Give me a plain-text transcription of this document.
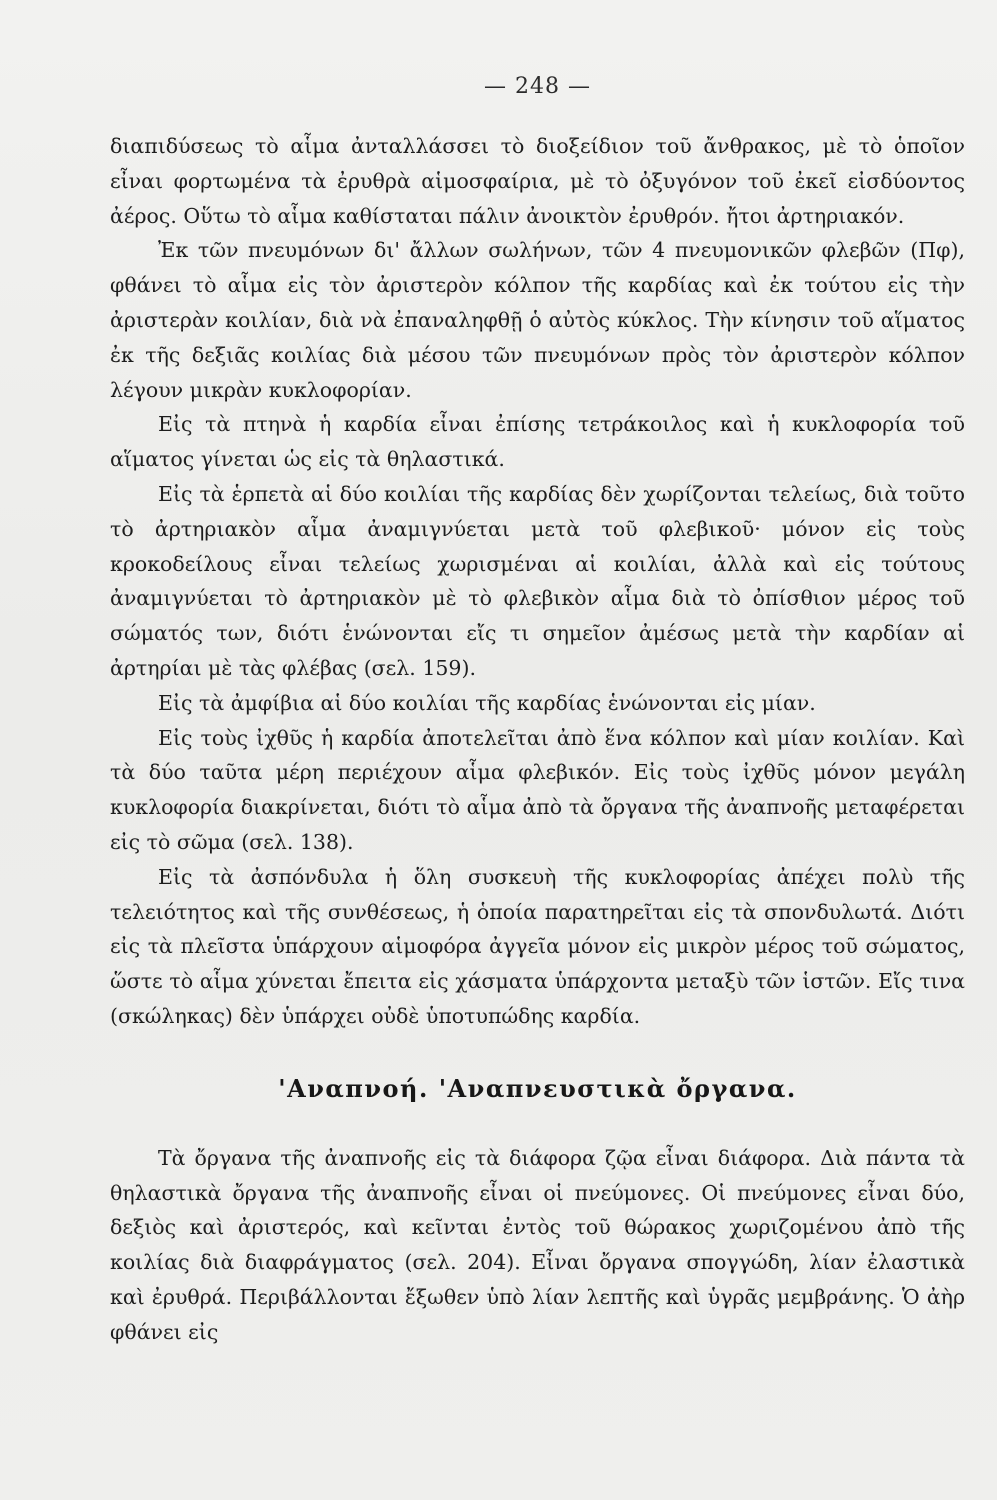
— 248 —

διαπιδύσεως τὸ αἷμα ἀνταλλάσσει τὸ διοξείδιον τοῦ ἄνθρακος, μὲ τὸ ὁποῖον εἶναι φορτωμένα τὰ ἐρυθρὰ αἱμοσφαίρια, μὲ τὸ ὀξυγόνον τοῦ ἐκεῖ εἰσδύοντος ἀέρος. Οὕτω τὸ αἷμα καθίσταται πάλιν ἀνοικτὸν ἐρυθρόν. ἤτοι ἀρτηριακόν.

Ἐκ τῶν πνευμόνων δι' ἄλλων σωλήνων, τῶν 4 πνευμονικῶν φλεβῶν (Πφ), φθάνει τὸ αἷμα εἰς τὸν ἀριστερὸν κόλπον τῆς καρδίας καὶ ἐκ τούτου εἰς τὴν ἀριστερὰν κοιλίαν, διὰ νὰ ἐπαναληφθῇ ὁ αὐτὸς κύκλος. Τὴν κίνησιν τοῦ αἵματος ἐκ τῆς δεξιᾶς κοιλίας διὰ μέσου τῶν πνευμόνων πρὸς τὸν ἀριστερὸν κόλπον λέγουν μικρὰν κυκλοφορίαν.

Εἰς τὰ πτηνὰ ἡ καρδία εἶναι ἐπίσης τετράκοιλος καὶ ἡ κυκλοφορία τοῦ αἵματος γίνεται ὡς εἰς τὰ θηλαστικά.

Εἰς τὰ ἑρπετὰ αἱ δύο κοιλίαι τῆς καρδίας δὲν χωρίζονται τελείως, διὰ τοῦτο τὸ ἀρτηριακὸν αἷμα ἀναμιγνύεται μετὰ τοῦ φλεβικοῦ· μόνον εἰς τοὺς κροκοδείλους εἶναι τελείως χωρισμέναι αἱ κοιλίαι, ἀλλὰ καὶ εἰς τούτους ἀναμιγνύεται τὸ ἀρτηριακὸν μὲ τὸ φλεβικὸν αἷμα διὰ τὸ ὀπίσθιον μέρος τοῦ σώματός των, διότι ἑνώνονται εἴς τι σημεῖον ἀμέσως μετὰ τὴν καρδίαν αἱ ἀρτηρίαι μὲ τὰς φλέβας (σελ. 159).

Εἰς τὰ ἀμφίβια αἱ δύο κοιλίαι τῆς καρδίας ἑνώνονται εἰς μίαν.

Εἰς τοὺς ἰχθῦς ἡ καρδία ἀποτελεῖται ἀπὸ ἕνα κόλπον καὶ μίαν κοιλίαν. Καὶ τὰ δύο ταῦτα μέρη περιέχουν αἷμα φλεβικόν. Εἰς τοὺς ἰχθῦς μόνον μεγάλη κυκλοφορία διακρίνεται, διότι τὸ αἷμα ἀπὸ τὰ ὄργανα τῆς ἀναπνοῆς μεταφέρεται εἰς τὸ σῶμα (σελ. 138).

Εἰς τὰ ἀσπόνδυλα ἡ ὅλη συσκευὴ τῆς κυκλοφορίας ἀπέχει πολὺ τῆς τελειότητος καὶ τῆς συνθέσεως, ἡ ὁποία παρατηρεῖται εἰς τὰ σπονδυλωτά. Διότι εἰς τὰ πλεῖστα ὑπάρχουν αἱμοφόρα ἀγγεῖα μόνον εἰς μικρὸν μέρος τοῦ σώματος, ὥστε τὸ αἷμα χύνεται ἔπειτα εἰς χάσματα ὑπάρχοντα μεταξὺ τῶν ἱστῶν. Εἴς τινα (σκώληκας) δὲν ὑπάρχει οὐδὲ ὑποτυπώδης καρδία.

'Αναπνοή. 'Αναπνευστικὰ ὄργανα.

Τὰ ὄργανα τῆς ἀναπνοῆς εἰς τὰ διάφορα ζῷα εἶναι διάφορα. Διὰ πάντα τὰ θηλαστικὰ ὄργανα τῆς ἀναπνοῆς εἶναι οἱ πνεύμονες. Οἱ πνεύμονες εἶναι δύο, δεξιὸς καὶ ἀριστερός, καὶ κεῖνται ἐντὸς τοῦ θώρακος χωριζομένου ἀπὸ τῆς κοιλίας διὰ διαφράγματος (σελ. 204). Εἶναι ὄργανα σπογγώδη, λίαν ἐλαστικὰ καὶ ἐρυθρά. Περιβάλλονται ἔξωθεν ὑπὸ λίαν λεπτῆς καὶ ὑγρᾶς μεμβράνης. Ὁ ἀὴρ φθάνει εἰς
